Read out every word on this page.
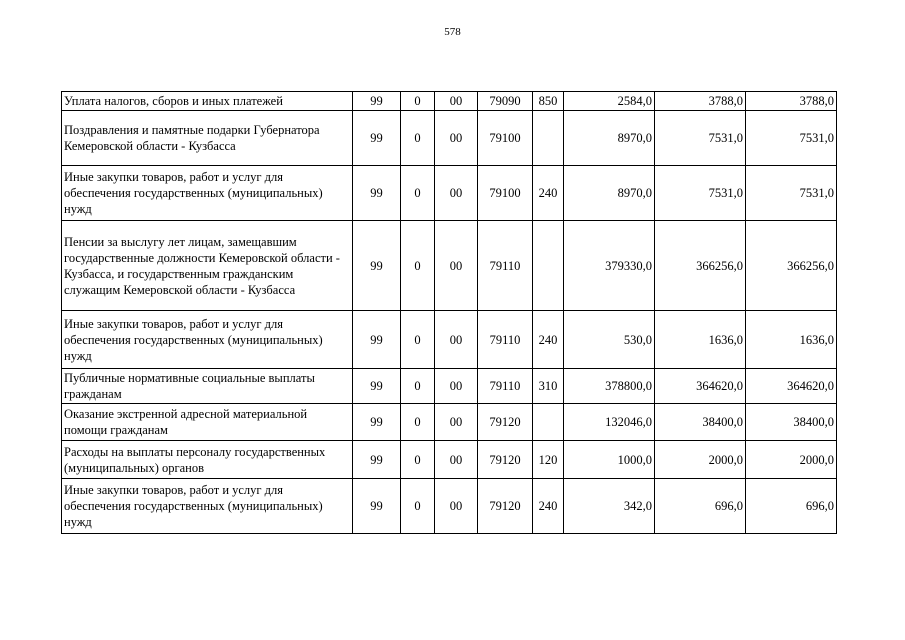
578
Уплата налогов, сборов и иных платежей	99	0	00	79090	850	2584,0	3788,0	3788,0
Поздравления и памятные подарки Губернатора Кемеровской области - Кузбасса	99	0	00	79100		8970,0	7531,0	7531,0
Иные закупки товаров, работ и услуг для обеспечения государственных (муниципальных) нужд	99	0	00	79100	240	8970,0	7531,0	7531,0
Пенсии за выслугу лет лицам, замещавшим государственные должности Кемеровской области - Кузбасса, и государственным гражданским служащим Кемеровской области - Кузбасса	99	0	00	79110		379330,0	366256,0	366256,0
Иные закупки товаров, работ и услуг для обеспечения государственных (муниципальных) нужд	99	0	00	79110	240	530,0	1636,0	1636,0
Публичные нормативные социальные выплаты гражданам	99	0	00	79110	310	378800,0	364620,0	364620,0
Оказание экстренной адресной материальной помощи гражданам	99	0	00	79120		132046,0	38400,0	38400,0
Расходы на выплаты персоналу государственных (муниципальных) органов	99	0	00	79120	120	1000,0	2000,0	2000,0
Иные закупки товаров, работ и услуг для обеспечения государственных (муниципальных) нужд	99	0	00	79120	240	342,0	696,0	696,0
